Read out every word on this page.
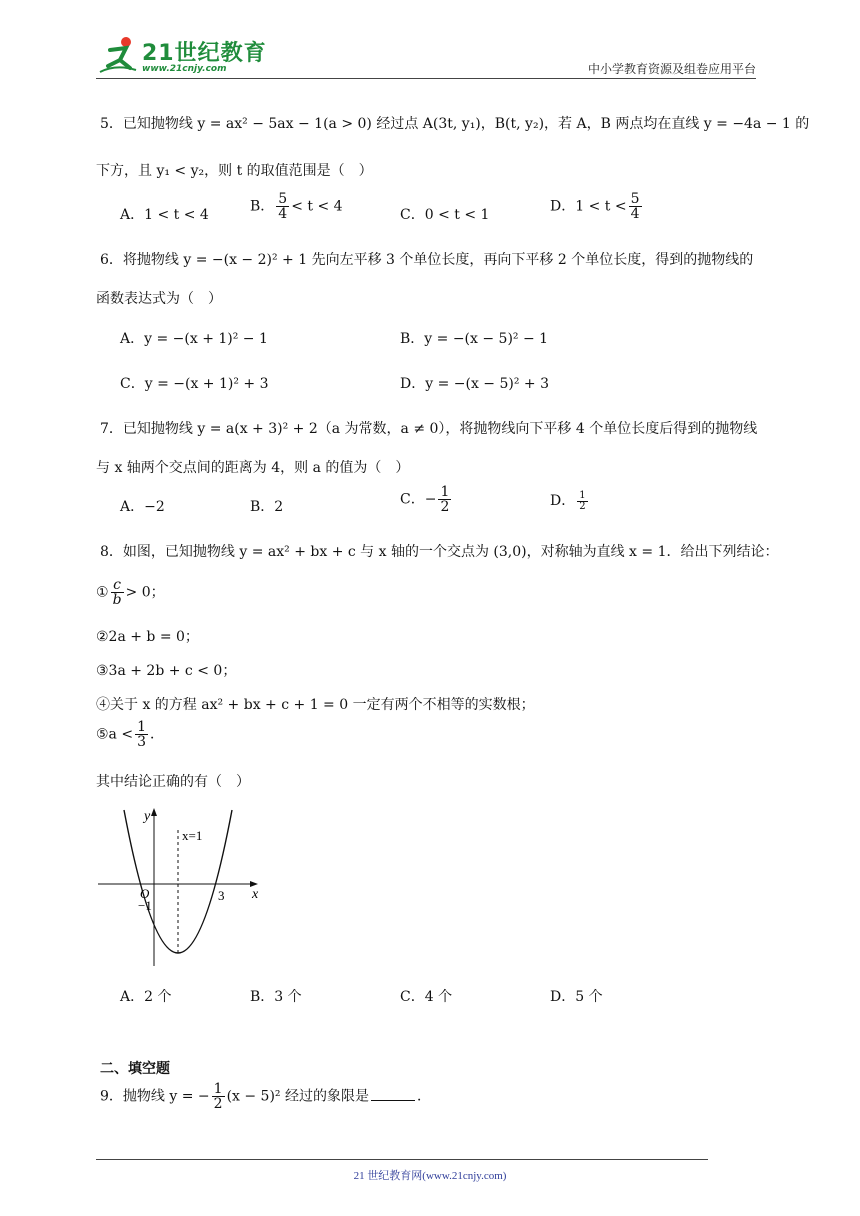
21世纪教育
www.21cnjy.com	中小学教育资源及组卷应用平台
5．已知抛物线 y = ax² − 5ax − 1(a > 0) 经过点 A(3t, y₁)，B(t, y₂)，若 A，B 两点均在直线 y = −4a − 1 的
下方，且 y₁ < y₂，则 t 的取值范围是（　）
A．1 < t < 4
B． $\frac{5}{4} < t < 4$
C．0 < t < 1
D．$1 < t < \frac{5}{4}$
6．将抛物线 y = −(x − 2)² + 1 先向左平移 3 个单位长度，再向下平移 2 个单位长度，得到的抛物线的
函数表达式为（　）
A．y = −(x + 1)² − 1	B．y = −(x − 5)² − 1
C．y = −(x + 1)² + 3	D．y = −(x − 5)² + 3
7．已知抛物线 y = a(x + 3)² + 2（a 为常数，a ≠ 0），将抛物线向下平移 4 个单位长度后得到的抛物线
与 x 轴两个交点间的距离为 4，则 a 的值为（　）
A．−2	B．2	C．− $\frac{1}{2}$	D． $\frac{1}{2}$
8．如图，已知抛物线 y = ax² + bx + c 与 x 轴的一个交点为 (3,0)，对称轴为直线 x = 1．给出下列结论：
① $\frac{c}{b} > 0$；
②2a + b = 0；
③3a + 2b + c < 0；
④关于 x 的方程 ax² + bx + c + 1 = 0 一定有两个不相等的实数根；
⑤a < $\frac{1}{3}$ ．
其中结论正确的有（　）
y
x
O	3
−1
x=1
A．2 个	B．3 个	C．4 个	D．5 个
二、填空题
9．抛物线 y = − $\frac{1}{2} (x - 5)^2$ 经过的象限是	．
21 世纪教育网(www.21cnjy.com)
